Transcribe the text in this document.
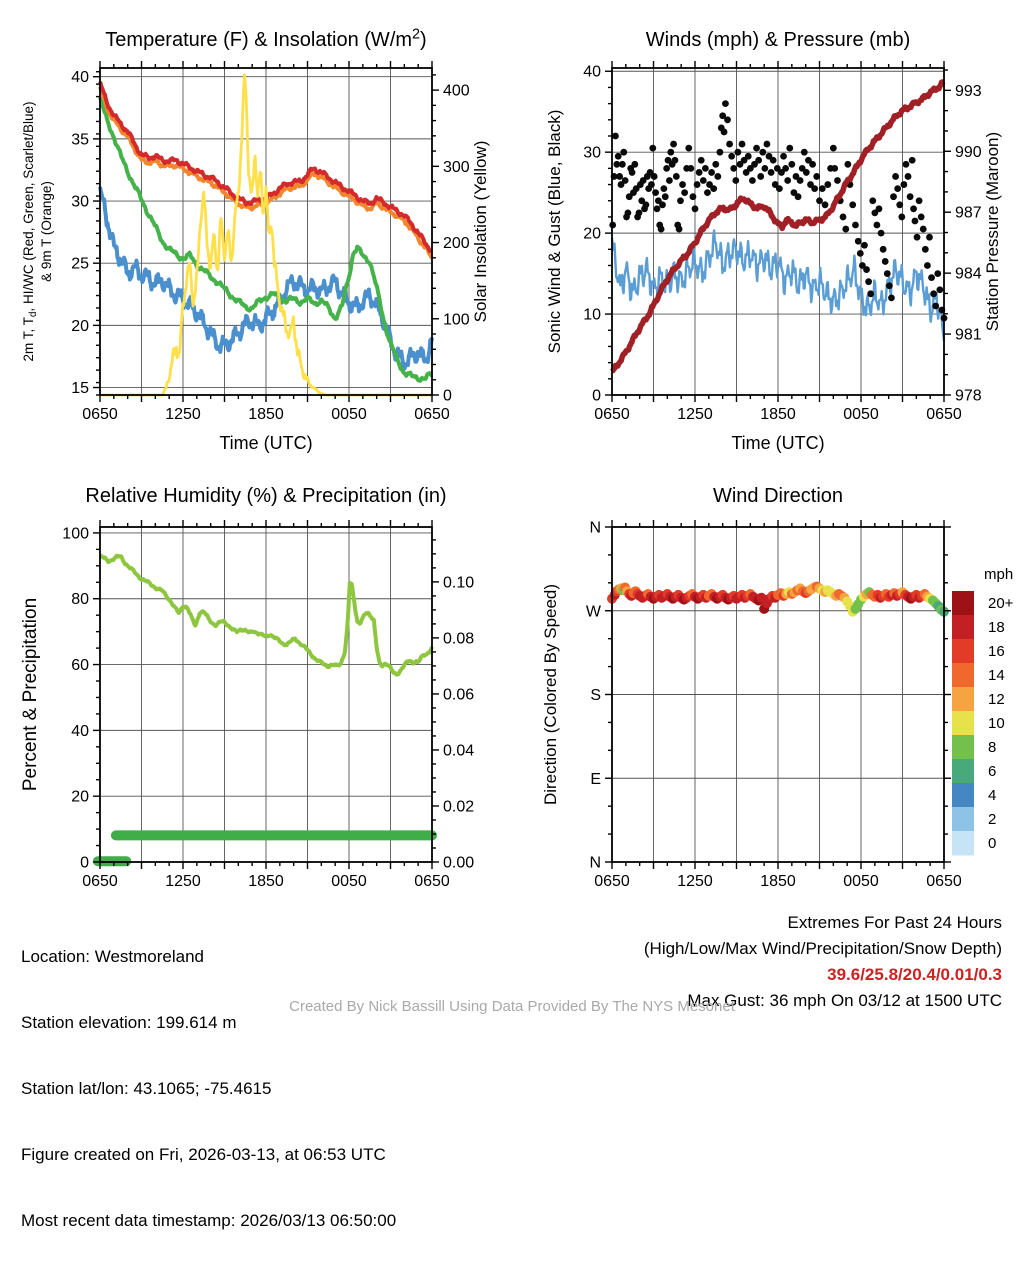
0650	1250	1850	0050	0650
15
20
25
30
35
40
0
100
200
300
400
Temperature (F) & Insolation $(W/m^2)$
Time (UTC)
2m T, $T_d$, HI/WC (Red, Green, Scarlet/Blue) & 9m T (Orange)	Solar Insolation (Yellow)
0650	1250	1850	0050	0650
0
10
20
30
40
978
981
984
987
990
993
Winds (mph) & Pressure (mb)
Time (UTC)
Sonic Wind & Gust (Blue, Black)	Station Pressure (Maroon)
0650	1250	1850	0050	0650
0
20
40
60
80
100
0.00
0.02
0.04
0.06
0.08
0.10
Relative Humidity (%) & Precipitation (in)
Percent & Precipitation
0650	1250	1850	0050	0650
N
E
S
W
N
Wind Direction
Direction (Colored By Speed)
mph
20+
18
16
14
12
10
8
6
4
2
0

Location: Westmoreland

Station elevation: 199.614 m

Station lat/lon: 43.1065; -75.4615

Figure created on Fri, 2026-03-13, at 06:53 UTC

Most recent data timestamp: 2026/03/13 06:50:00

Extremes For Past 24 Hours
(High/Low/Max Wind/Precipitation/Snow Depth)
39.6/25.8/20.4/0.01/0.3
Max Gust: 36 mph On 03/12 at 1500 UTC
Created By Nick Bassill Using Data Provided By The NYS Mesonet
